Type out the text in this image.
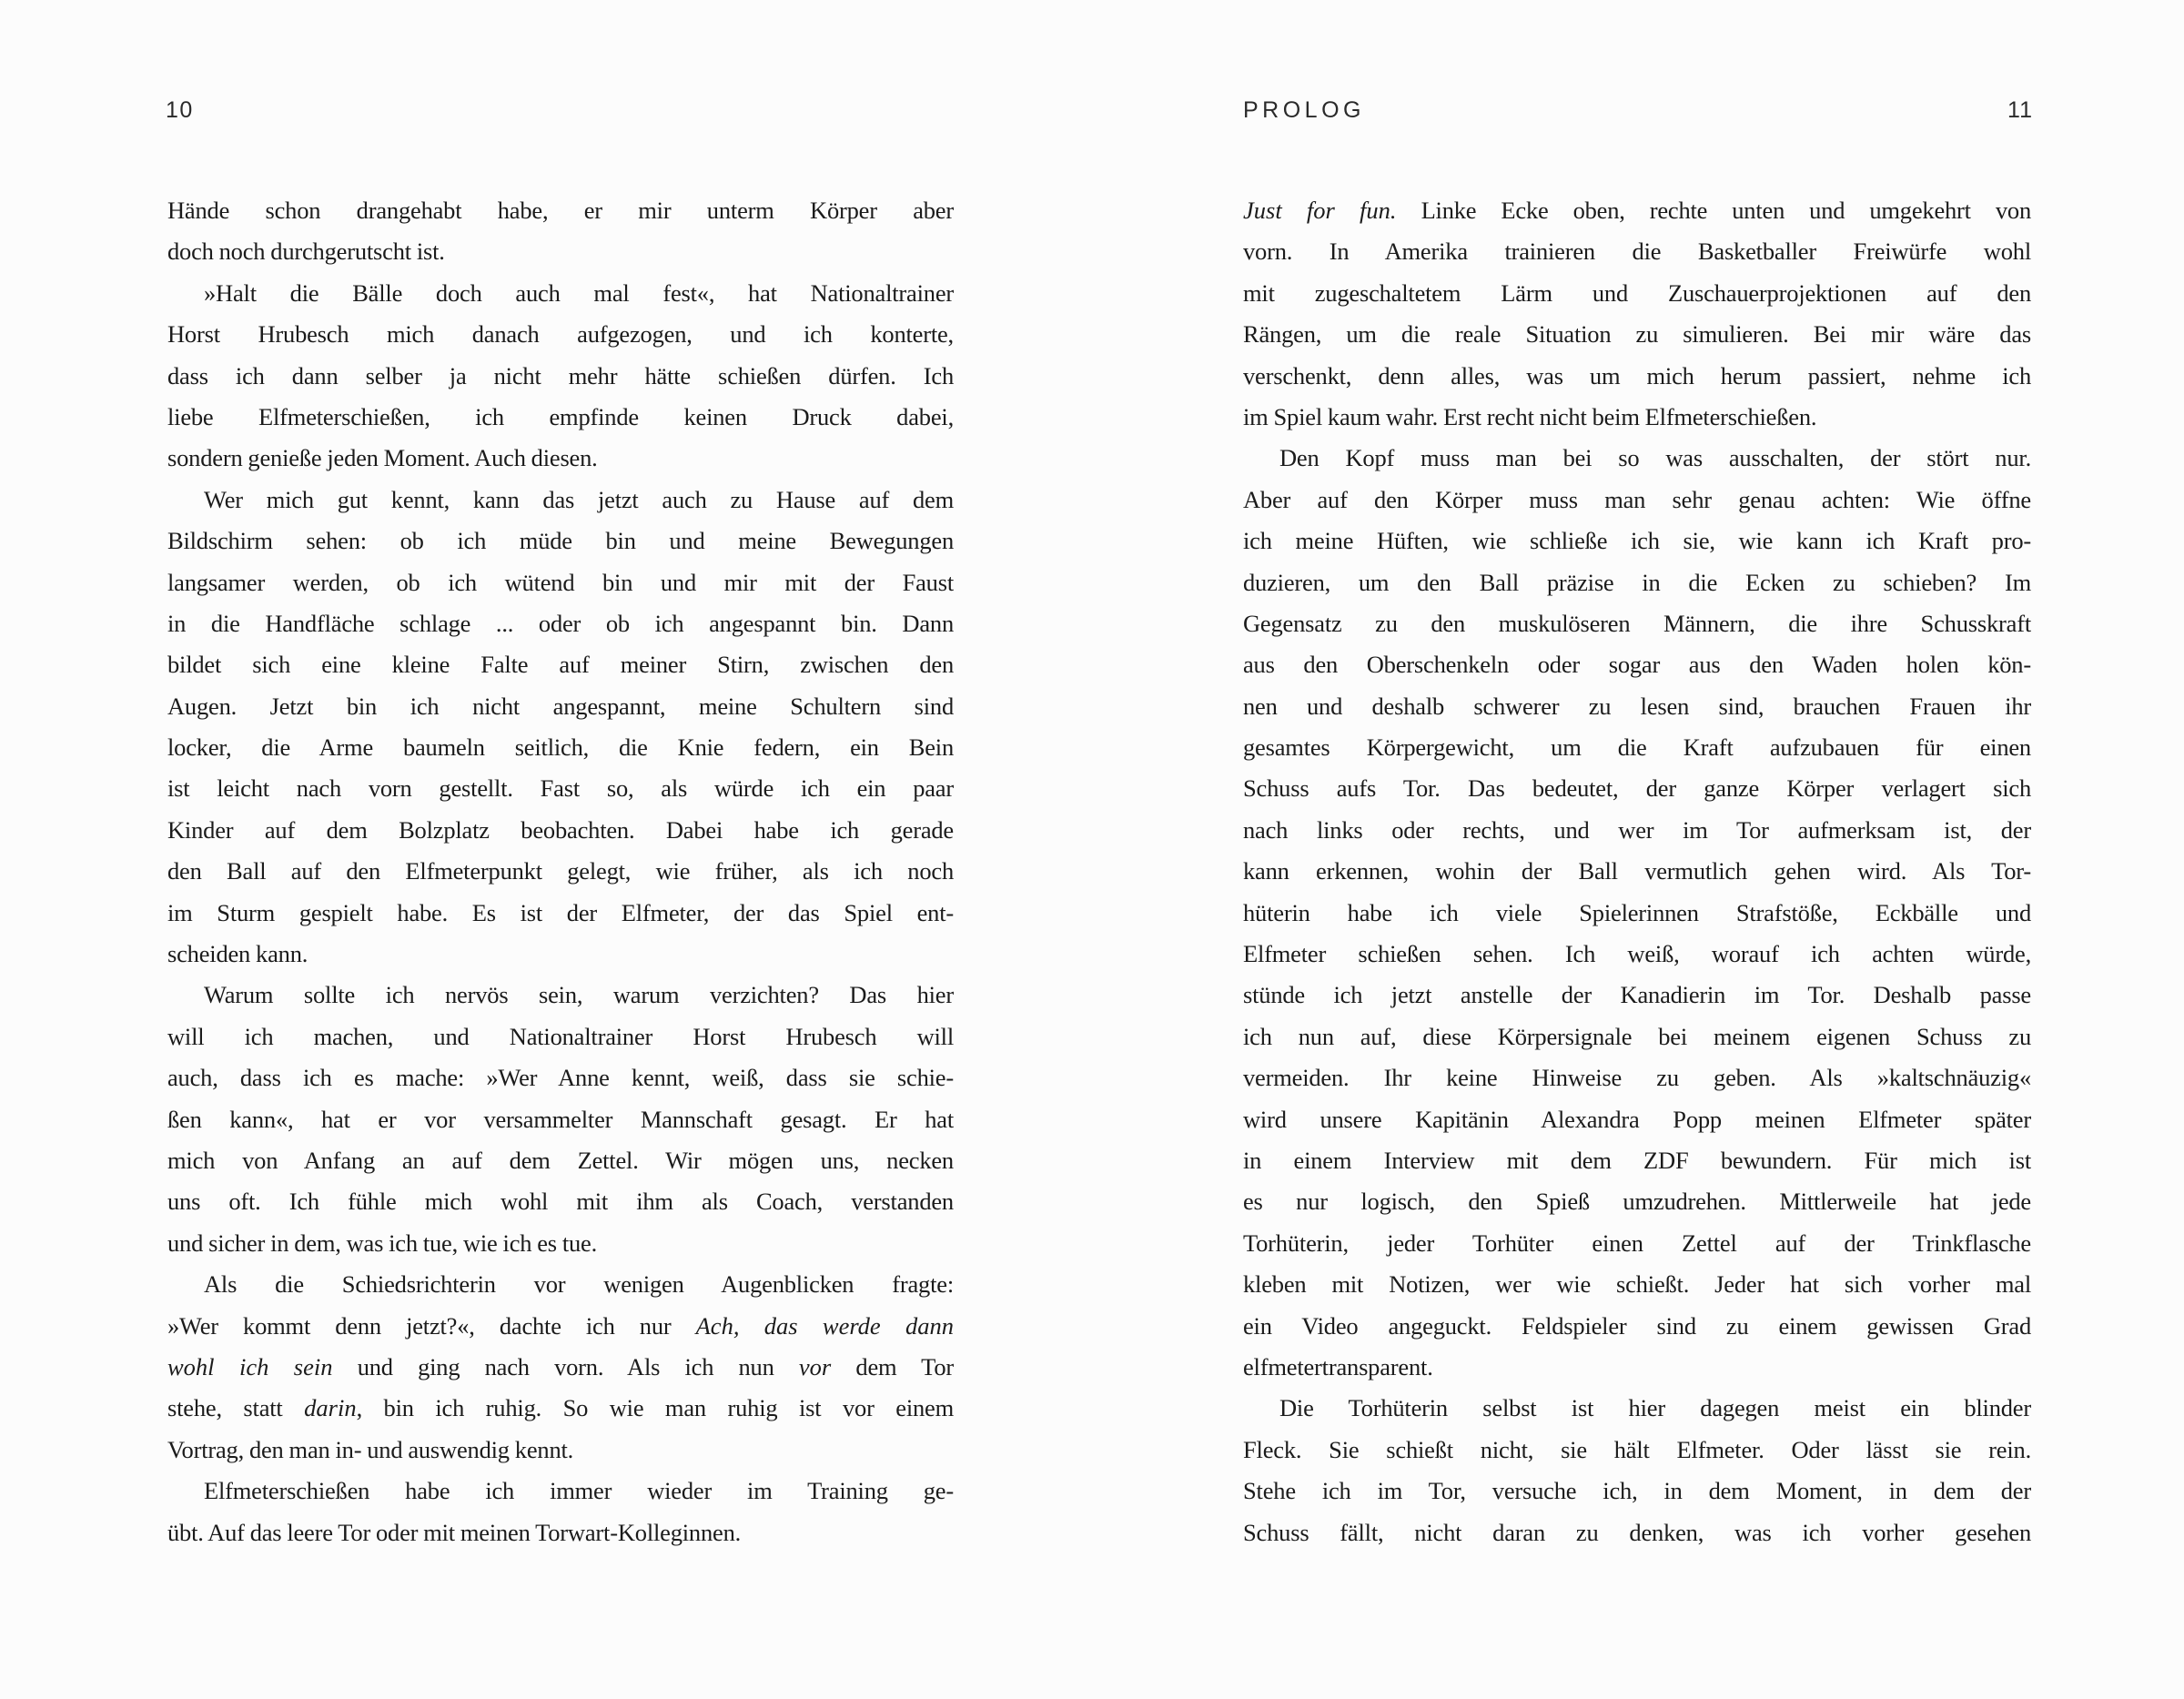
10	PROLOG	11
Hände schon drangehabt habe, er mir unterm Körper aber
doch noch durchgerutscht ist.
»Halt die Bälle doch auch mal fest«, hat Nationaltrainer
Horst Hrubesch mich danach aufgezogen, und ich konterte,
dass ich dann selber ja nicht mehr hätte schießen dürfen. Ich
liebe Elfmeterschießen, ich empfinde keinen Druck dabei,
sondern genieße jeden Moment. Auch diesen.
Wer mich gut kennt, kann das jetzt auch zu Hause auf dem
Bildschirm sehen: ob ich müde bin und meine Bewegungen
langsamer werden, ob ich wütend bin und mir mit der Faust
in die Handfläche schlage ... oder ob ich angespannt bin. Dann
bildet sich eine kleine Falte auf meiner Stirn, zwischen den
Augen. Jetzt bin ich nicht angespannt, meine Schultern sind
locker, die Arme baumeln seitlich, die Knie federn, ein Bein
ist leicht nach vorn gestellt. Fast so, als würde ich ein paar
Kinder auf dem Bolzplatz beobachten. Dabei habe ich gerade
den Ball auf den Elfmeterpunkt gelegt, wie früher, als ich noch
im Sturm gespielt habe. Es ist der Elfmeter, der das Spiel ent-
scheiden kann.
Warum sollte ich nervös sein, warum verzichten? Das hier
will ich machen, und Nationaltrainer Horst Hrubesch will
auch, dass ich es mache: »Wer Anne kennt, weiß, dass sie schie-
ßen kann«, hat er vor versammelter Mannschaft gesagt. Er hat
mich von Anfang an auf dem Zettel. Wir mögen uns, necken
uns oft. Ich fühle mich wohl mit ihm als Coach, verstanden
und sicher in dem, was ich tue, wie ich es tue.
Als die Schiedsrichterin vor wenigen Augenblicken fragte:
»Wer kommt denn jetzt?«, dachte ich nur Ach, das werde dann
wohl ich sein und ging nach vorn. Als ich nun vor dem Tor
stehe, statt darin, bin ich ruhig. So wie man ruhig ist vor einem
Vortrag, den man in- und auswendig kennt.
Elfmeterschießen habe ich immer wieder im Training ge-
übt. Auf das leere Tor oder mit meinen Torwart-Kolleginnen.
Just for fun. Linke Ecke oben, rechte unten und umgekehrt von
vorn. In Amerika trainieren die Basketballer Freiwürfe wohl
mit zugeschaltetem Lärm und Zuschauerprojektionen auf den
Rängen, um die reale Situation zu simulieren. Bei mir wäre das
verschenkt, denn alles, was um mich herum passiert, nehme ich
im Spiel kaum wahr. Erst recht nicht beim Elfmeterschießen.
Den Kopf muss man bei so was ausschalten, der stört nur.
Aber auf den Körper muss man sehr genau achten: Wie öffne
ich meine Hüften, wie schließe ich sie, wie kann ich Kraft pro-
duzieren, um den Ball präzise in die Ecken zu schieben? Im
Gegensatz zu den muskulöseren Männern, die ihre Schusskraft
aus den Oberschenkeln oder sogar aus den Waden holen kön-
nen und deshalb schwerer zu lesen sind, brauchen Frauen ihr
gesamtes Körpergewicht, um die Kraft aufzubauen für einen
Schuss aufs Tor. Das bedeutet, der ganze Körper verlagert sich
nach links oder rechts, und wer im Tor aufmerksam ist, der
kann erkennen, wohin der Ball vermutlich gehen wird. Als Tor-
hüterin habe ich viele Spielerinnen Strafstöße, Eckbälle und
Elfmeter schießen sehen. Ich weiß, worauf ich achten würde,
stünde ich jetzt anstelle der Kanadierin im Tor. Deshalb passe
ich nun auf, diese Körpersignale bei meinem eigenen Schuss zu
vermeiden. Ihr keine Hinweise zu geben. Als »kaltschnäuzig«
wird unsere Kapitänin Alexandra Popp meinen Elfmeter später
in einem Interview mit dem ZDF bewundern. Für mich ist
es nur logisch, den Spieß umzudrehen. Mittlerweile hat jede
Torhüterin, jeder Torhüter einen Zettel auf der Trinkflasche
kleben mit Notizen, wer wie schießt. Jeder hat sich vorher mal
ein Video angeguckt. Feldspieler sind zu einem gewissen Grad
elfmetertransparent.
Die Torhüterin selbst ist hier dagegen meist ein blinder
Fleck. Sie schießt nicht, sie hält Elfmeter. Oder lässt sie rein.
Stehe ich im Tor, versuche ich, in dem Moment, in dem der
Schuss fällt, nicht daran zu denken, was ich vorher gesehen
